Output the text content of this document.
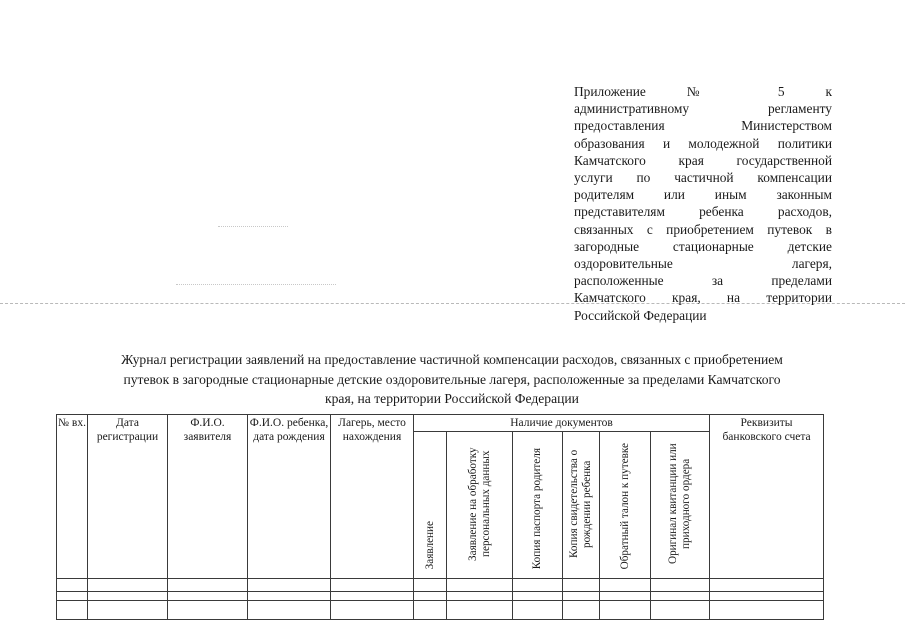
Приложение № 5 к
административному регламенту
предоставления Министерством
образования и молодежной политики
Камчатского края государственной
услуги по частичной компенсации
родителям или иным законным
представителям ребенка расходов,
связанных с приобретением путевок в
загородные стационарные детские
оздоровительные лагеря,
расположенные за пределами
Камчатского края, на территории
Российской Федерации
Журнал регистрации заявлений на предоставление частичной компенсации расходов, связанных с приобретением
путевок в загородные стационарные детские оздоровительные лагеря, расположенные за пределами Камчатского
края, на территории Российской Федерации
№ вх.	Дата регистрации	Ф.И.О. заявителя	Ф.И.О. ребенка, дата рождения	Лагерь, место нахождения	Наличие документов						Реквизиты банковского счета
					Заявление	Заявление на обработку персональных данных	Копия паспорта родителя	Копия свидетельства о рождении ребенка	Обратный талон к путевке	Оригинал квитанции или приходного ордера	
